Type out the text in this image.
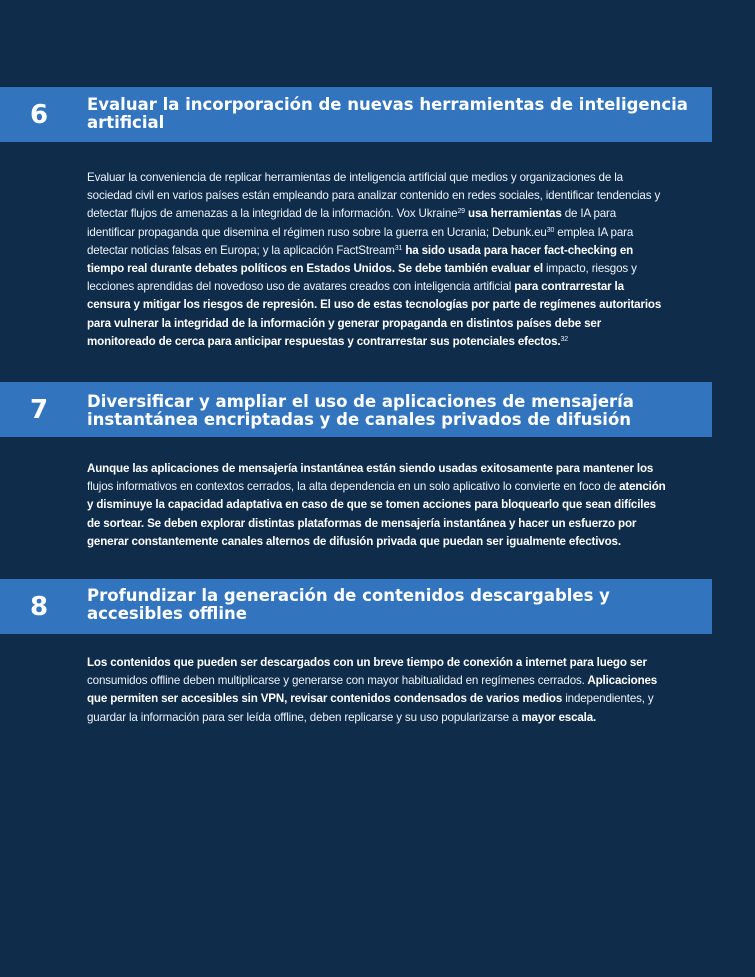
6 Evaluar la incorporación de nuevas herramientas de inteligencia artificial
Evaluar la conveniencia de replicar herramientas de inteligencia artificial que medios y organizaciones de la sociedad civil en varios países están empleando para analizar contenido en redes sociales, identificar tendencias y detectar flujos de amenazas a la integridad de la información. Vox Ukraine$^{29}$ usa herramientas de IA para identificar propaganda que disemina el régimen ruso sobre la guerra en Ucrania; $Debunk.eu^{30}$ emplea IA para detectar noticias falsas en Europa; y la aplicación FactStream$^{31}$ ha sido usada para hacer fact-checking en tiempo real durante debates políticos en Estados Unidos. Se debe también evaluar el impacto, riesgos y lecciones aprendidas del novedoso uso de avatares creados con inteligencia artificial para contrarrestar la censura y mitigar los riesgos de represión. El uso de estas tecnologías por parte de regímenes autoritarios para vulnerar la integridad de la información y generar propaganda en distintos países debe ser monitoreado de cerca para anticipar respuestas y contrarrestar sus potenciales efectos.$^{32}$
7 Diversificar y ampliar el uso de aplicaciones de mensajería instantánea encriptadas y de canales privados de difusión
Aunque las aplicaciones de mensajería instantánea están siendo usadas exitosamente para mantener los flujos informativos en contextos cerrados, la alta dependencia en un solo aplicativo lo convierte en foco de atención y disminuye la capacidad adaptativa en caso de que se tomen acciones para bloquearlo que sean difíciles de sortear. Se deben explorar distintas plataformas de mensajería instantánea y hacer un esfuerzo por generar constantemente canales alternos de difusión privada que puedan ser igualmente efectivos.
8 Profundizar la generación de contenidos descargables y accesibles offline
Los contenidos que pueden ser descargados con un breve tiempo de conexión a internet para luego ser consumidos offline deben multiplicarse y generarse con mayor habitualidad en regímenes cerrados. Aplicaciones que permiten ser accesibles sin VPN, revisar contenidos condensados de varios medios independientes, y guardar la información para ser leída offline, deben replicarse y su uso popularizarse a mayor escala.
